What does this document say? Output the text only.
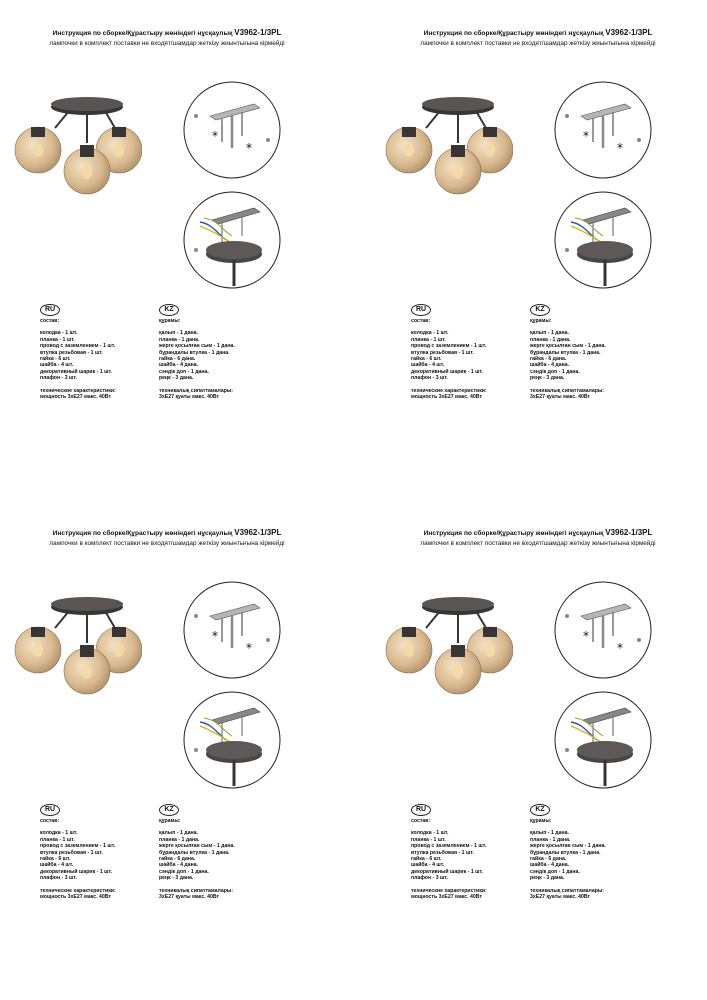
Инструкция по сборке/Құрастыру жөніндегі нұсқаулық V3962-1/3PL
лампочки в комплект поставки не входят/шамдар жеткізу жиынтығына кірмейді
*
*
RU	KZ
состав:
колодка - 1 шт.
планка - 1 шт.
провод с заземлением - 1 шт.
втулка резьбовая - 1 шт.
гайка - 6 шт.
шайба - 4 шт.
декоративный шарик - 1 шт.
плафон - 3 шт.
технические характеристики:
мощность 3хЕ27 макс. 40Вт
құрамы:
қалып - 1 дана.
планка - 1 дана.
жерге қосылған сым - 1 дана.
бұрандалы втулка - 1 дана.
гайка - 6 дана.
шайба - 4 дана.
сәндік доп - 1 дана.
реңк - 3 дана.
техникалық сипаттамалары:
3хЕ27 қуаты макс. 40Вт
Инструкция по сборке/Құрастыру жөніндегі нұсқаулық V3962-1/3PL
лампочки в комплект поставки не входят/шамдар жеткізу жиынтығына кірмейді
*
*
RU	KZ
состав:
колодка - 1 шт.
планка - 1 шт.
провод с заземлением - 1 шт.
втулка резьбовая - 1 шт.
гайка - 6 шт.
шайба - 4 шт.
декоративный шарик - 1 шт.
плафон - 3 шт.
технические характеристики:
мощность 3хЕ27 макс. 40Вт
құрамы:
қалып - 1 дана.
планка - 1 дана.
жерге қосылған сым - 1 дана.
бұрандалы втулка - 1 дана.
гайка - 6 дана.
шайба - 4 дана.
сәндік доп - 1 дана.
реңк - 3 дана.
техникалық сипаттамалары:
3хЕ27 қуаты макс. 40Вт
Инструкция по сборке/Құрастыру жөніндегі нұсқаулық V3962-1/3PL
лампочки в комплект поставки не входят/шамдар жеткізу жиынтығына кірмейді
*
*
RU	KZ
состав:
колодка - 1 шт.
планка - 1 шт.
провод с заземлением - 1 шт.
втулка резьбовая - 1 шт.
гайка - 6 шт.
шайба - 4 шт.
декоративный шарик - 1 шт.
плафон - 3 шт.
технические характеристики:
мощность 3хЕ27 макс. 40Вт
құрамы:
қалып - 1 дана.
планка - 1 дана.
жерге қосылған сым - 1 дана.
бұрандалы втулка - 1 дана.
гайка - 6 дана.
шайба - 4 дана.
сәндік доп - 1 дана.
реңк - 3 дана.
техникалық сипаттамалары:
3хЕ27 қуаты макс. 40Вт
Инструкция по сборке/Құрастыру жөніндегі нұсқаулық V3962-1/3PL
лампочки в комплект поставки не входят/шамдар жеткізу жиынтығына кірмейді
*
*
RU	KZ
состав:
колодка - 1 шт.
планка - 1 шт.
провод с заземлением - 1 шт.
втулка резьбовая - 1 шт.
гайка - 6 шт.
шайба - 4 шт.
декоративный шарик - 1 шт.
плафон - 3 шт.
технические характеристики:
мощность 3хЕ27 макс. 40Вт
құрамы:
қалып - 1 дана.
планка - 1 дана.
жерге қосылған сым - 1 дана.
бұрандалы втулка - 1 дана.
гайка - 6 дана.
шайба - 4 дана.
сәндік доп - 1 дана.
реңк - 3 дана.
техникалық сипаттамалары:
3хЕ27 қуаты макс. 40Вт
